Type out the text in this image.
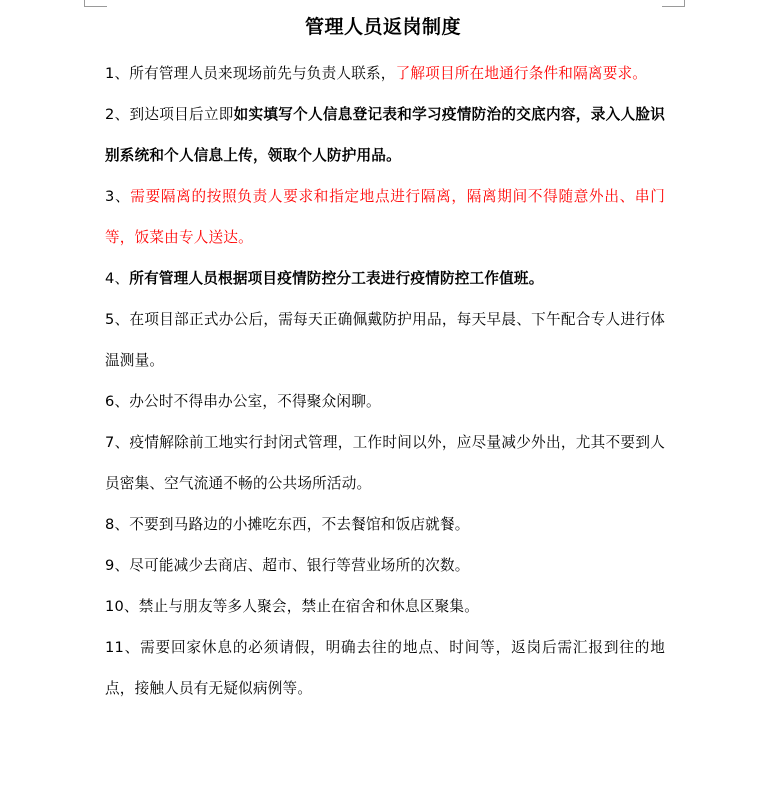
管理人员返岗制度

1、所有管理人员来现场前先与负责人联系，了解项目所在地通行条件和隔离要求。

2、到达项目后立即如实填写个人信息登记表和学习疫情防治的交底内容，录入人脸识别系统和个人信息上传，领取个人防护用品。

3、需要隔离的按照负责人要求和指定地点进行隔离，隔离期间不得随意外出、串门等，饭菜由专人送达。

4、所有管理人员根据项目疫情防控分工表进行疫情防控工作值班。

5、在项目部正式办公后，需每天正确佩戴防护用品，每天早晨、下午配合专人进行体温测量。

6、办公时不得串办公室，不得聚众闲聊。

7、疫情解除前工地实行封闭式管理，工作时间以外，应尽量减少外出，尤其不要到人员密集、空气流通不畅的公共场所活动。

8、不要到马路边的小摊吃东西，不去餐馆和饭店就餐。

9、尽可能减少去商店、超市、银行等营业场所的次数。

10、禁止与朋友等多人聚会，禁止在宿舍和休息区聚集。

11、需要回家休息的必须请假，明确去往的地点、时间等，返岗后需汇报到往的地点，接触人员有无疑似病例等。
